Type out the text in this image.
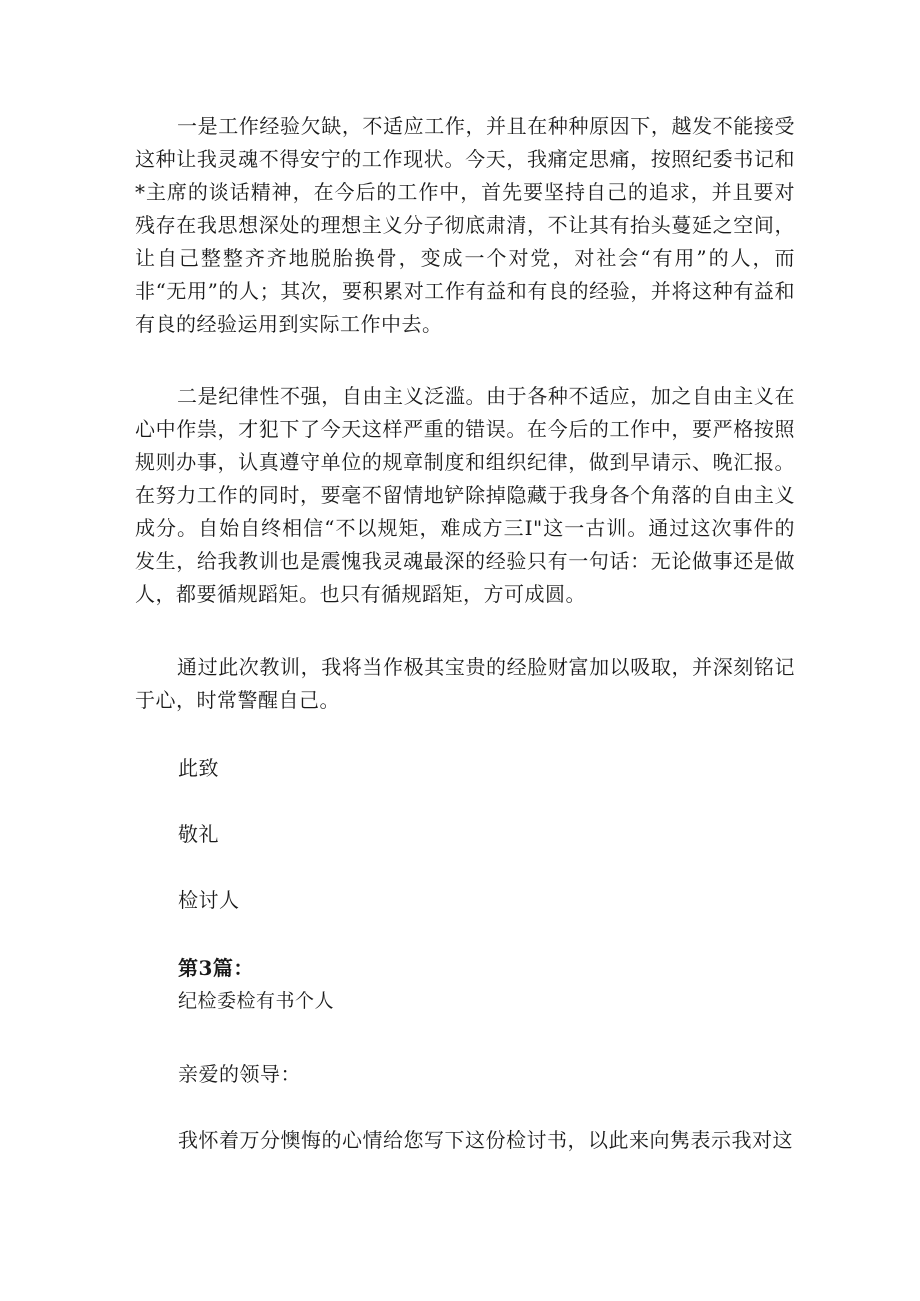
一是工作经验欠缺，不适应工作，并且在种种原因下，越发不能接受这种让我灵魂不得安宁的工作现状。今天，我痛定思痛，按照纪委书记和*主席的谈话精神，在今后的工作中，首先要坚持自己的追求，并且要对残存在我思想深处的理想主义分子彻底肃清，不让其有抬头蔓延之空间，让自己整整齐齐地脱胎换骨，变成一个对党，对社会“有用”的人，而非“无用”的人；其次，要积累对工作有益和有良的经验，并将这种有益和有良的经验运用到实际工作中去。

二是纪律性不强，自由主义泛滥。由于各种不适应，加之自由主义在心中作祟，才犯下了今天这样严重的错误。在今后的工作中，要严格按照规则办事，认真遵守单位的规章制度和组织纪律，做到早请示、晚汇报。在努力工作的同时，要毫不留情地铲除掉隐藏于我身各个角落的自由主义成分。自始自终相信“不以规矩，难成方三I"这一古训。通过这次事件的发生，给我教训也是震愧我灵魂最深的经验只有一句话：无论做事还是做人，都要循规蹈矩。也只有循规蹈矩，方可成圆。

通过此次教训，我将当作极其宝贵的经脸财富加以吸取，并深刻铭记于心，时常警醒自己。

此致

敬礼

检讨人

第3篇：

纪检委检有书个人

亲爱的领导：

我怀着万分懊悔的心情给您写下这份检讨书，以此来向隽表示我对这
